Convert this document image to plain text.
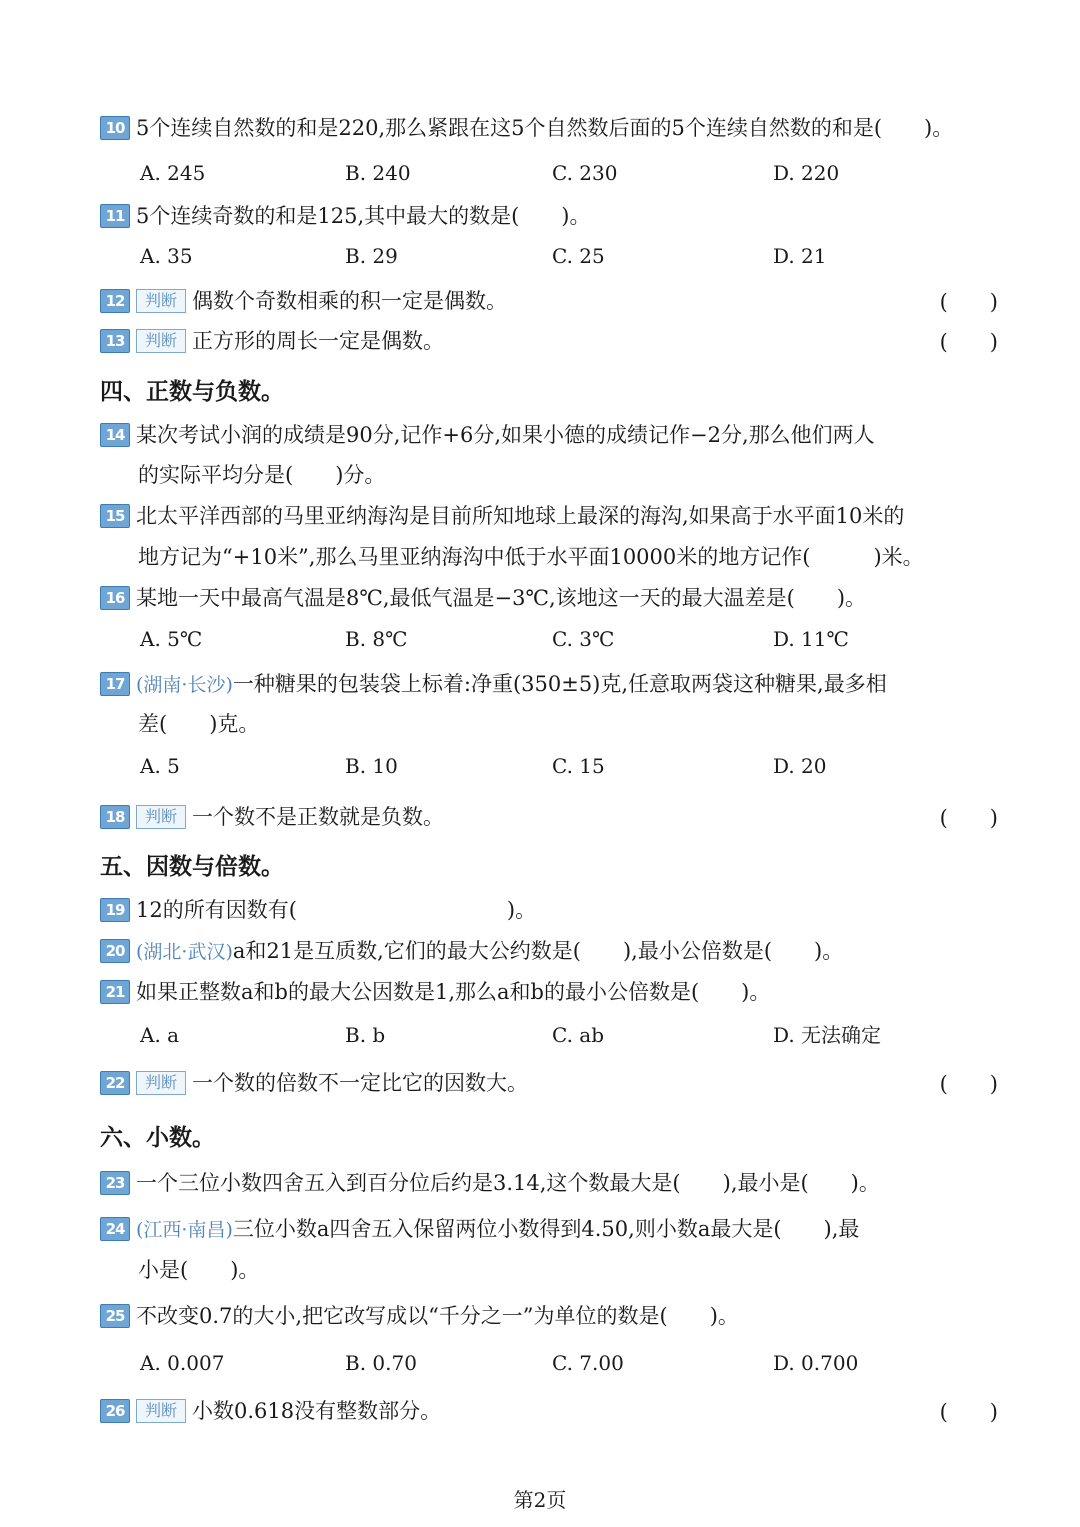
10 5个连续自然数的和是220,那么紧跟在这5个自然数后面的5个连续自然数的和是(　　)。
A. 245	B. 240	C. 230	D. 220
11 5个连续奇数的和是125,其中最大的数是(　　)。
A. 35	B. 29	C. 25	D. 21
12 判断 偶数个奇数相乘的积一定是偶数。	(　　)
13 判断 正方形的周长一定是偶数。	(　　)
四、正数与负数。
14 某次考试小润的成绩是90分,记作+6分,如果小德的成绩记作−2分,那么他们两人
的实际平均分是(　　)分。
15 北太平洋西部的马里亚纳海沟是目前所知地球上最深的海沟,如果高于水平面10米的
地方记为“+10米”,那么马里亚纳海沟中低于水平面10000米的地方记作(　　　)米。
16 某地一天中最高气温是8℃,最低气温是−3℃,该地这一天的最大温差是(　　)。
A. 5℃	B. 8℃	C. 3℃	D. 11℃
17 (湖南·长沙)一种糖果的包装袋上标着:净重(350±5)克,任意取两袋这种糖果,最多相
差(　　)克。
A. 5	B. 10	C. 15	D. 20
18 判断 一个数不是正数就是负数。	(　　)
五、因数与倍数。
19 12的所有因数有(　　　　　　　　　　)。
20 (湖北·武汉)a和21是互质数,它们的最大公约数是(　　),最小公倍数是(　　)。
21 如果正整数a和b的最大公因数是1,那么a和b的最小公倍数是(　　)。
A. a	B. b	C. ab	D. 无法确定
22 判断 一个数的倍数不一定比它的因数大。	(　　)
六、小数。
23 一个三位小数四舍五入到百分位后约是3.14,这个数最大是(　　),最小是(　　)。
24 (江西·南昌)三位小数a四舍五入保留两位小数得到4.50,则小数a最大是(　　),最
小是(　　)。
25 不改变0.7的大小,把它改写成以“千分之一”为单位的数是(　　)。
A. 0.007	B. 0.70	C. 7.00	D. 0.700
26 判断 小数0.618没有整数部分。	(　　)
第2页
